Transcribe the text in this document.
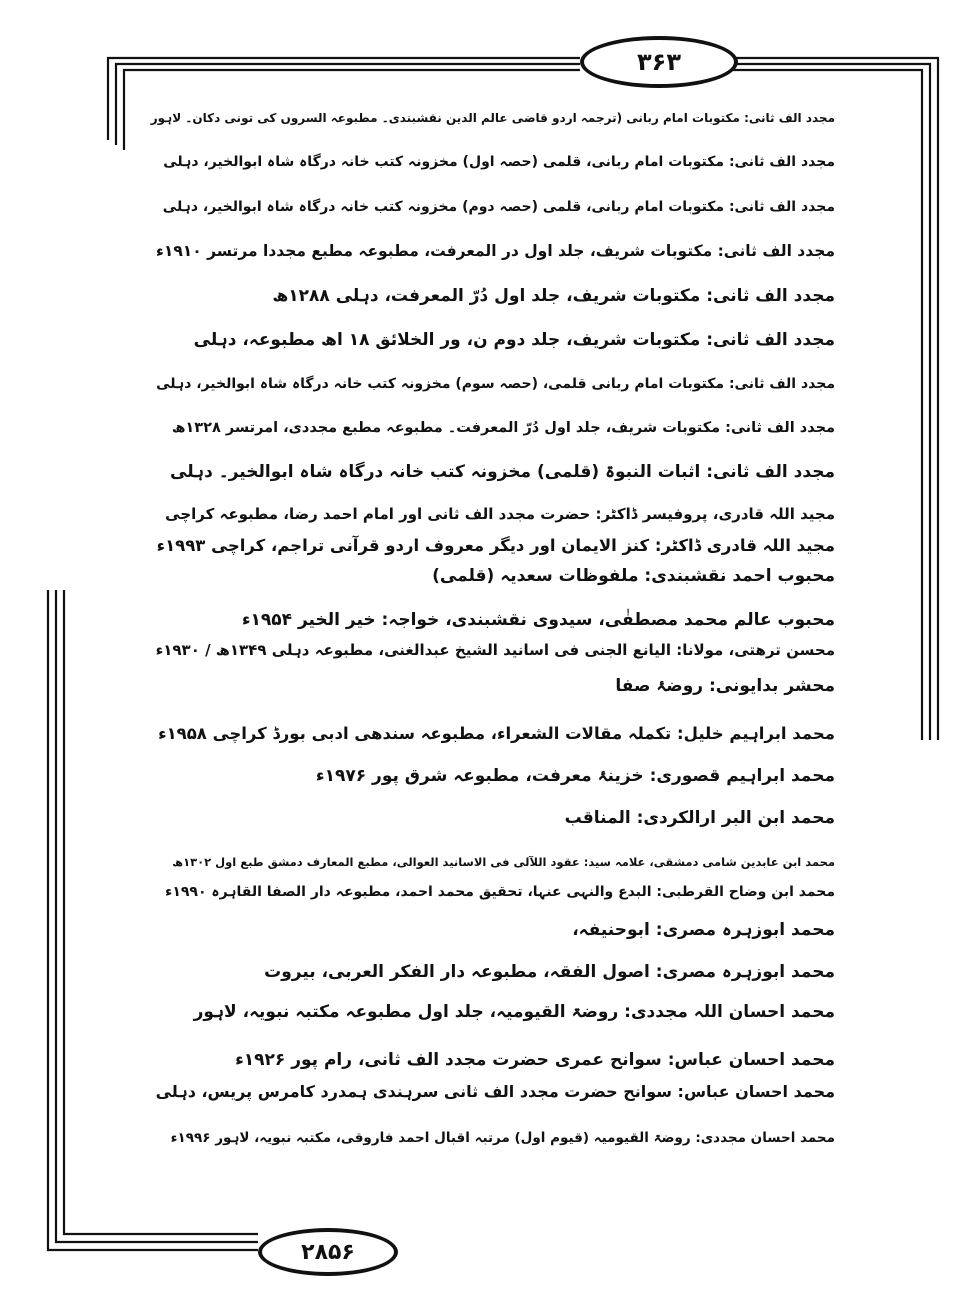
۳۶۳
۲۸۵۶
مجدد الف ثانی: مکتوبات امام ربانی (ترجمہ اردو قاضی عالم الدین نقشبندی۔ مطبوعہ السروں کی تونی دکان۔ لاہور
مجدد الف ثانی: مکتوبات امام ربانی، قلمی (حصہ اول) مخزونہ کتب خانہ درگاہ شاہ ابوالخیر، دہلی
مجدد الف ثانی: مکتوبات امام ربانی، قلمی (حصہ دوم) مخزونہ کتب خانہ درگاہ شاہ ابوالخیر، دہلی
مجدد الف ثانی: مکتوبات شریف، جلد اول در المعرفت، مطبوعہ مطبع مجددا مرتسر ۱۹۱۰ء
مجدد الف ثانی: مکتوبات شریف، جلد اول دُرّ المعرفت، دہلی ۱۲۸۸ھ
مجدد الف ثانی: مکتوبات شریف، جلد دوم ن، ور الخلائق ۱۸ اھ مطبوعہ، دہلی
مجدد الف ثانی: مکتوبات امام ربانی قلمی، (حصہ سوم) مخزونہ کتب خانہ درگاہ شاہ ابوالخیر، دہلی
مجدد الف ثانی: مکتوبات شریف، جلد اول دُرّ المعرفت۔ مطبوعہ مطبع مجددی، امرتسر ۱۳۲۸ھ
مجدد الف ثانی: اثبات النبوۃ (قلمی) مخزونہ کتب خانہ درگاہ شاہ ابوالخیر۔ دہلی
مجید اللہ قادری، پروفیسر ڈاکٹر: حضرت مجدد الف ثانی اور امام احمد رضا، مطبوعہ کراچی
مجید اللہ قادری ڈاکٹر: کنز الایمان اور دیگر معروف اردو قرآنی تراجم، کراچی ۱۹۹۳ء
محبوب احمد نقشبندی: ملفوظات سعدیہ (قلمی)
محبوب عالم محمد مصطفٰی، سیدوی نقشبندی، خواجہ: خیر الخیر ۱۹۵۴ء
محسن ترھتی، مولانا: الیانع الجنی فی اسانید الشیخ عبدالغنی، مطبوعہ دہلی ۱۳۴۹ھ / ۱۹۳۰ء
محشر بدایونی: روضۂ صفا
محمد ابراہیم خلیل: تکملہ مقالات الشعراء، مطبوعہ سندھی ادبی بورڈ کراچی ۱۹۵۸ء
محمد ابراہیم قصوری: خزینۂ معرفت، مطبوعہ شرق پور ۱۹۷۶ء
محمد ابن البر ارالکردی: المناقب
محمد ابن عابدین شامی دمشقی، علامہ سید: عقود اللآلی فی الاسانید العوالی، مطبع المعارف دمشق طبع اول ۱۳۰۲ھ
محمد ابن وضاح القرطبی: البدع والنہی عنہا، تحقیق محمد احمد، مطبوعہ دار الصفا القاہرہ ۱۹۹۰ء
محمد ابوزہرہ مصری: ابوحنیفہ،
محمد ابوزہرہ مصری: اصول الفقہ، مطبوعہ دار الفکر العربی، بیروت
محمد احسان اللہ مجددی: روضۃ القیومیہ، جلد اول مطبوعہ مکتبہ نبویہ، لاہور
محمد احسان عباس: سوانح عمری حضرت مجدد الف ثانی، رام پور ۱۹۲۶ء
محمد احسان عباس: سوانح حضرت مجدد الف ثانی سرہندی ہمدرد کامرس پریس، دہلی
محمد احسان مجددی: روضۃ القیومیہ (قیوم اول) مرتبہ اقبال احمد فاروقی، مکتبہ نبویہ، لاہور ۱۹۹۶ء
